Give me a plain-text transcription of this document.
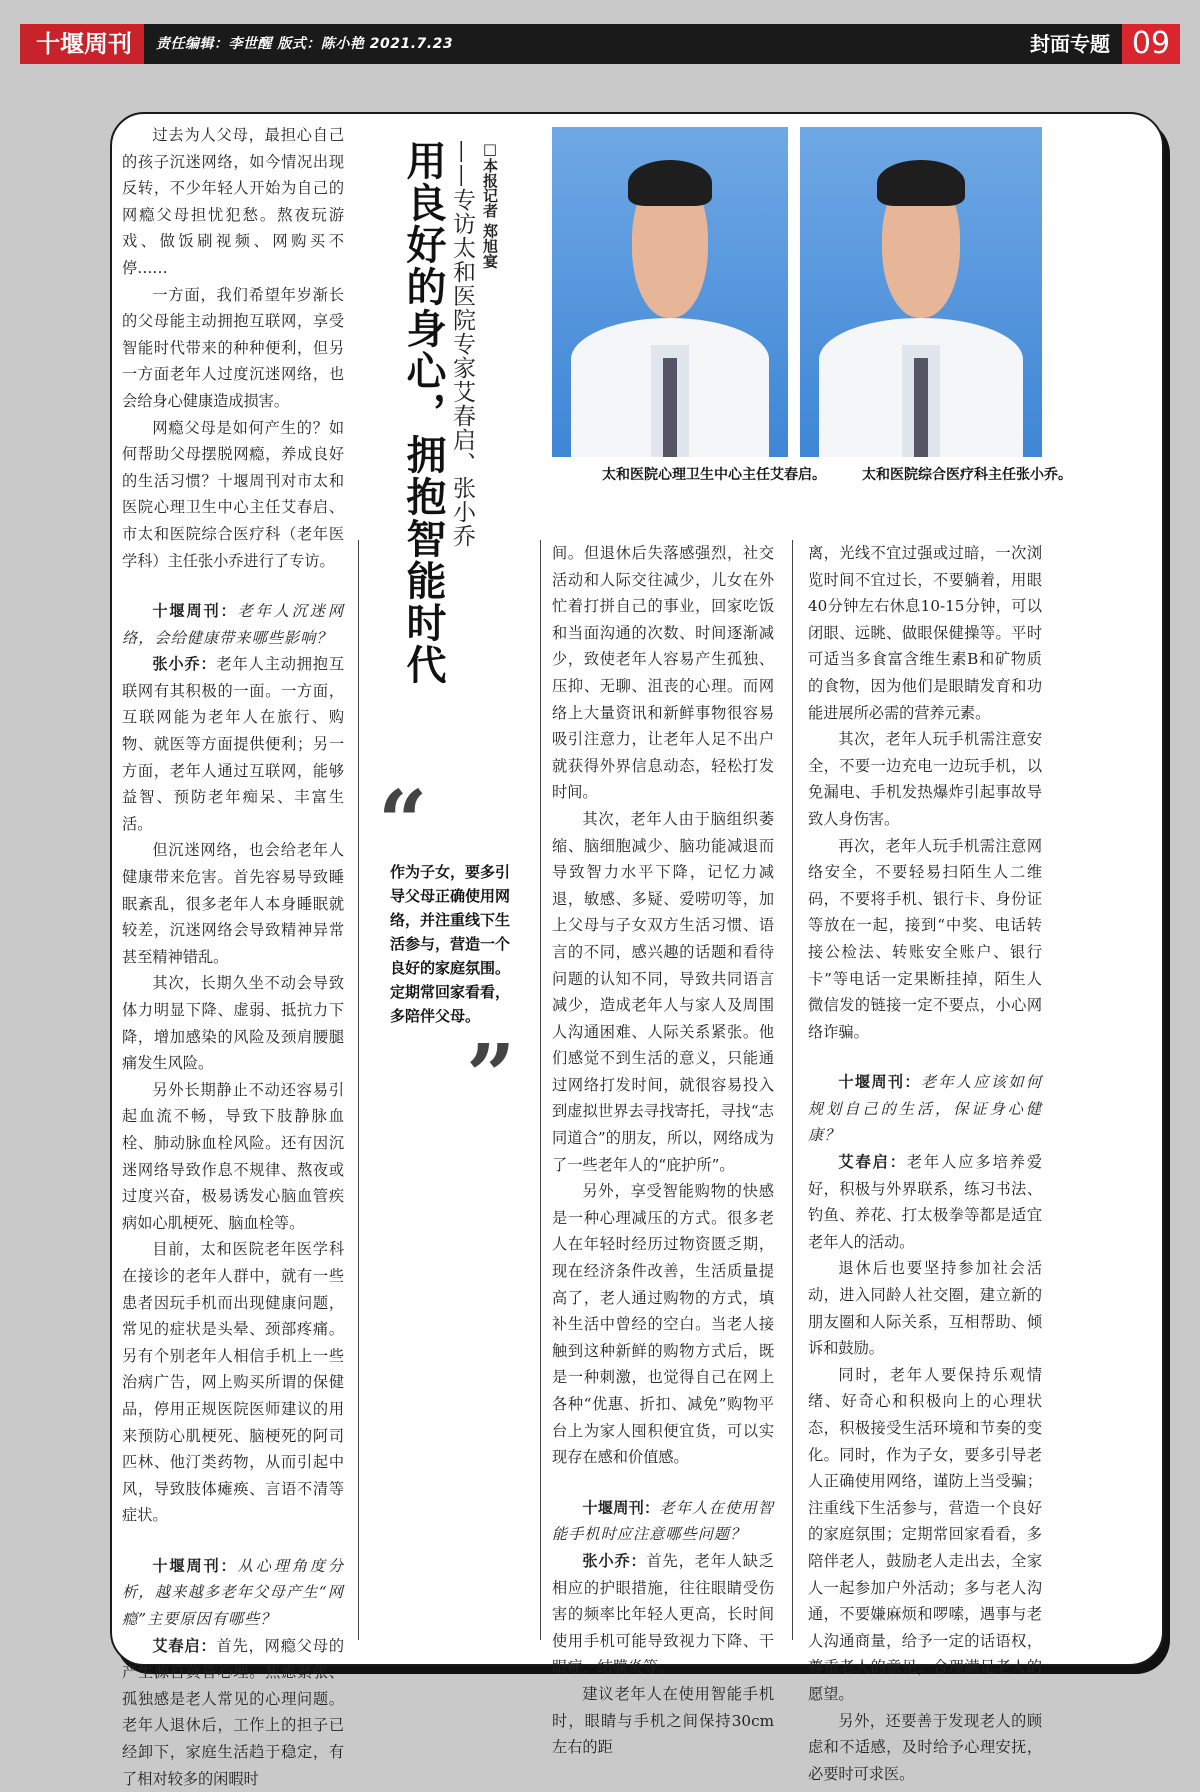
十堰周刊	责任编辑：李世醒 版式：陈小艳 2021.7.23	封面专题 09

过去为人父母，最担心自己的孩子沉迷网络，如今情况出现反转，不少年轻人开始为自己的网瘾父母担忧犯愁。熬夜玩游戏、做饭刷视频、网购买不停……

一方面，我们希望年岁渐长的父母能主动拥抱互联网，享受智能时代带来的种种便利，但另一方面老年人过度沉迷网络，也会给身心健康造成损害。

网瘾父母是如何产生的？如何帮助父母摆脱网瘾，养成良好的生活习惯？十堰周刊对市太和医院心理卫生中心主任艾春启、市太和医院综合医疗科（老年医学科）主任张小乔进行了专访。

十堰周刊：老年人沉迷网络，会给健康带来哪些影响？

张小乔：老年人主动拥抱互联网有其积极的一面。一方面，互联网能为老年人在旅行、购物、就医等方面提供便利；另一方面，老年人通过互联网，能够益智、预防老年痴呆、丰富生活。

但沉迷网络，也会给老年人健康带来危害。首先容易导致睡眠紊乱，很多老年人本身睡眠就较差，沉迷网络会导致精神异常甚至精神错乱。

其次，长期久坐不动会导致体力明显下降、虚弱、抵抗力下降，增加感染的风险及颈肩腰腿痛发生风险。

另外长期静止不动还容易引起血流不畅，导致下肢静脉血栓、肺动脉血栓风险。还有因沉迷网络导致作息不规律、熬夜或过度兴奋，极易诱发心脑血管疾病如心肌梗死、脑血栓等。

目前，太和医院老年医学科在接诊的老年人群中，就有一些患者因玩手机而出现健康问题，常见的症状是头晕、颈部疼痛。另有个别老年人相信手机上一些治病广告，网上购买所谓的保健品，停用正规医院医师建议的用来预防心肌梗死、脑梗死的阿司匹林、他汀类药物，从而引起中风，导致肢体瘫痪、言语不清等症状。

十堰周刊：从心理角度分析，越来越多老年父母产生“网瘾”主要原因有哪些？

艾春启：首先，网瘾父母的产生源自黄昏心理。焦虑紧张、孤独感是老人常见的心理问题。老年人退休后，工作上的担子已经卸下，家庭生活趋于稳定，有了相对较多的闲暇时

用良好的身心，拥抱智能时代 ——专访太和医院专家艾春启、张小乔 □本报记者 郑旭宴
太和医院心理卫生中心主任艾春启。	太和医院综合医疗科主任张小乔。
“
作为子女，要多引导父母正确使用网络，并注重线下生活参与，营造一个良好的家庭氛围。定期常回家看看，多陪伴父母。
”

间。但退休后失落感强烈，社交活动和人际交往减少，儿女在外忙着打拼自己的事业，回家吃饭和当面沟通的次数、时间逐渐减少，致使老年人容易产生孤独、压抑、无聊、沮丧的心理。而网络上大量资讯和新鲜事物很容易吸引注意力，让老年人足不出户就获得外界信息动态，轻松打发时间。

其次，老年人由于脑组织萎缩、脑细胞减少、脑功能减退而导致智力水平下降，记忆力减退，敏感、多疑、爱唠叨等，加上父母与子女双方生活习惯、语言的不同，感兴趣的话题和看待问题的认知不同，导致共同语言减少，造成老年人与家人及周围人沟通困难、人际关系紧张。他们感觉不到生活的意义，只能通过网络打发时间，就很容易投入到虚拟世界去寻找寄托，寻找“志同道合”的朋友，所以，网络成为了一些老年人的“庇护所”。

另外，享受智能购物的快感是一种心理减压的方式。很多老人在年轻时经历过物资匮乏期，现在经济条件改善，生活质量提高了，老人通过购物的方式，填补生活中曾经的空白。当老人接触到这种新鲜的购物方式后，既是一种刺激，也觉得自己在网上各种“优惠、折扣、减免”购物平台上为家人囤积便宜货，可以实现存在感和价值感。

十堰周刊：老年人在使用智能手机时应注意哪些问题？

张小乔：首先，老年人缺乏相应的护眼措施，往往眼睛受伤害的频率比年轻人更高，长时间使用手机可能导致视力下降、干眼症、结膜炎等。

建议老年人在使用智能手机时，眼睛与手机之间保持30cm左右的距

离，光线不宜过强或过暗，一次浏览时间不宜过长，不要躺着，用眼40分钟左右休息10-15分钟，可以闭眼、远眺、做眼保健操等。平时可适当多食富含维生素B和矿物质的食物，因为他们是眼睛发育和功能进展所必需的营养元素。

其次，老年人玩手机需注意安全，不要一边充电一边玩手机，以免漏电、手机发热爆炸引起事故导致人身伤害。

再次，老年人玩手机需注意网络安全，不要轻易扫陌生人二维码，不要将手机、银行卡、身份证等放在一起，接到“中奖、电话转接公检法、转账安全账户、银行卡”等电话一定果断挂掉，陌生人微信发的链接一定不要点，小心网络诈骗。

十堰周刊：老年人应该如何规划自己的生活，保证身心健康？

艾春启：老年人应多培养爱好，积极与外界联系，练习书法、钓鱼、养花、打太极拳等都是适宜老年人的活动。

退休后也要坚持参加社会活动，进入同龄人社交圈，建立新的朋友圈和人际关系，互相帮助、倾诉和鼓励。

同时，老年人要保持乐观情绪、好奇心和积极向上的心理状态，积极接受生活环境和节奏的变化。同时，作为子女，要多引导老人正确使用网络，谨防上当受骗；注重线下生活参与，营造一个良好的家庭氛围；定期常回家看看，多陪伴老人，鼓励老人走出去，全家人一起参加户外活动；多与老人沟通，不要嫌麻烦和啰嗦，遇事与老人沟通商量，给予一定的话语权，尊重老人的意见，合理满足老人的愿望。

另外，还要善于发现老人的顾虑和不适感，及时给予心理安抚，必要时可求医。
